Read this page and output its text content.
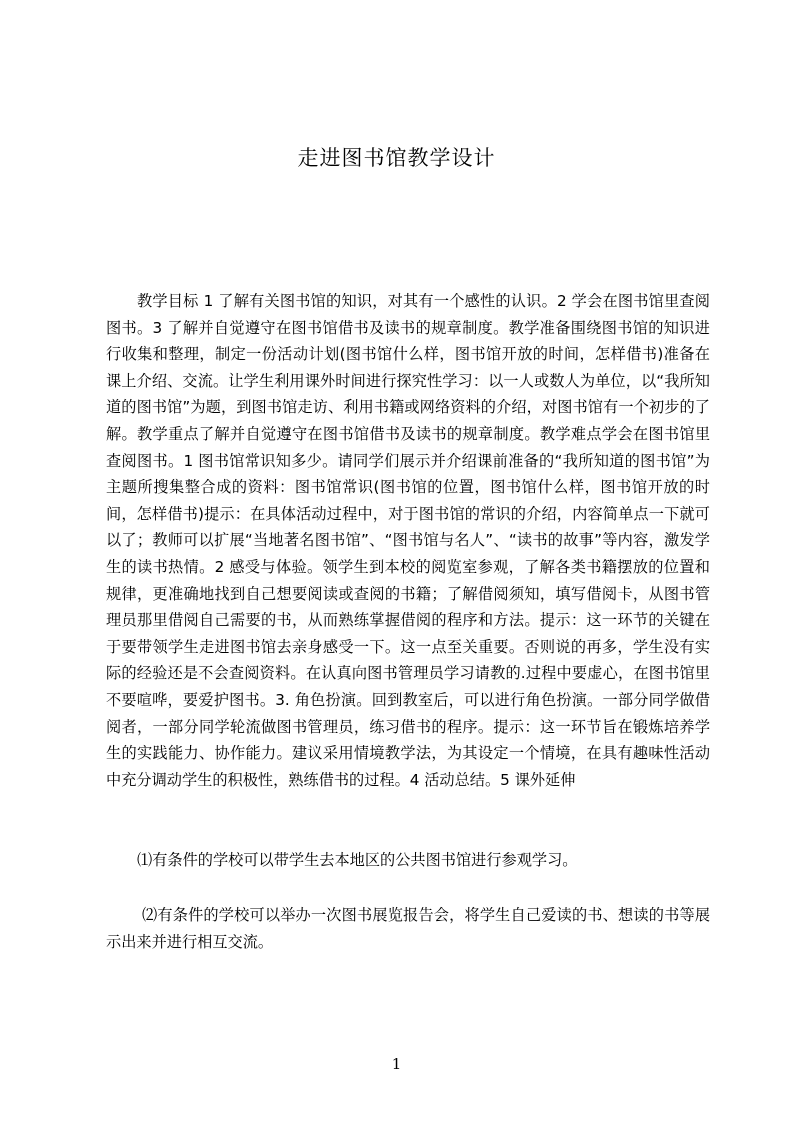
走进图书馆教学设计

教学目标 1 了解有关图书馆的知识，对其有一个感性的认识。2 学会在图书馆里查阅图书。3 了解并自觉遵守在图书馆借书及读书的规章制度。教学准备围绕图书馆的知识进行收集和整理，制定一份活动计划(图书馆什么样，图书馆开放的时间，怎样借书)准备在课上介绍、交流。让学生利用课外时间进行探究性学习：以一人或数人为单位，以“我所知道的图书馆”为题，到图书馆走访、利用书籍或网络资料的介绍，对图书馆有一个初步的了解。教学重点了解并自觉遵守在图书馆借书及读书的规章制度。教学难点学会在图书馆里查阅图书。1 图书馆常识知多少。请同学们展示并介绍课前准备的“我所知道的图书馆”为主题所搜集整合成的资料：图书馆常识(图书馆的位置，图书馆什么样，图书馆开放的时间，怎样借书)提示：在具体活动过程中，对于图书馆的常识的介绍，内容简单点一下就可以了；教师可以扩展“当地著名图书馆”、“图书馆与名人”、“读书的故事”等内容，激发学生的读书热情。2 感受与体验。领学生到本校的阅览室参观，了解各类书籍摆放的位置和规律，更准确地找到自己想要阅读或查阅的书籍；了解借阅须知，填写借阅卡，从图书管理员那里借阅自己需要的书，从而熟练掌握借阅的程序和方法。提示：这一环节的关键在于要带领学生走进图书馆去亲身感受一下。这一点至关重要。否则说的再多，学生没有实际的经验还是不会查阅资料。在认真向图书管理员学习请教的.过程中要虚心，在图书馆里不要喧哗，要爱护图书。3. 角色扮演。回到教室后，可以进行角色扮演。一部分同学做借阅者，一部分同学轮流做图书管理员，练习借书的程序。提示：这一环节旨在锻炼培养学生的实践能力、协作能力。建议采用情境教学法，为其设定一个情境，在具有趣味性活动中充分调动学生的积极性，熟练借书的过程。4 活动总结。5 课外延伸

⑴有条件的学校可以带学生去本地区的公共图书馆进行参观学习。
⑵有条件的学校可以举办一次图书展览报告会，将学生自己爱读的书、想读的书等展示出来并进行相互交流。
1
